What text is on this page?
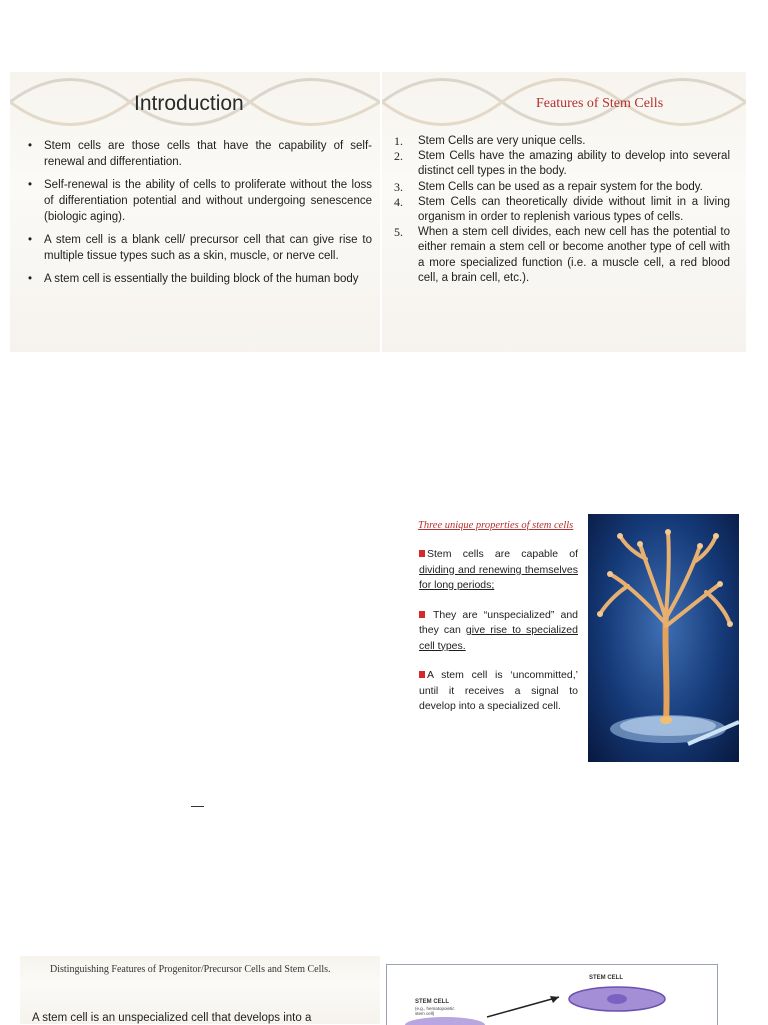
Introduction
• Stem cells are those cells that have the capability of self-renewal and differentiation.
• Self-renewal is the ability of cells to proliferate without the loss of differentiation potential and without undergoing senescence (biologic aging).
• A stem cell is a blank cell/ precursor cell that can give rise to multiple tissue types such as a skin, muscle, or nerve cell.
• A stem cell is essentially the building block of the human body
Features of Stem Cells
1. Stem Cells are very unique cells.
2. Stem Cells have the amazing ability to develop into several distinct cell types in the body.
3. Stem Cells can be used as a repair system for the body.
4. Stem Cells can theoretically divide without limit in a living organism in order to replenish various types of cells.
5. When a stem cell divides, each new cell has the potential to either remain a stem cell or become another type of cell with a more specialized function (i.e. a muscle cell, a red blood cell, a brain cell, etc.).

Three unique properties of stem cells

Stem cells are capable of dividing and renewing themselves for long periods;
They are “unspecialized” and they can give rise to specialized cell types.
A stem cell is ‘uncommitted,’ until it receives a signal to develop into a specialized cell.

Distinguishing Features of Progenitor/Precursor Cells and Stem Cells.

A stem cell is an unspecialized cell that develops into a
STEM CELL
STEM CELL
(e.g., hematopoietic stem cell)
